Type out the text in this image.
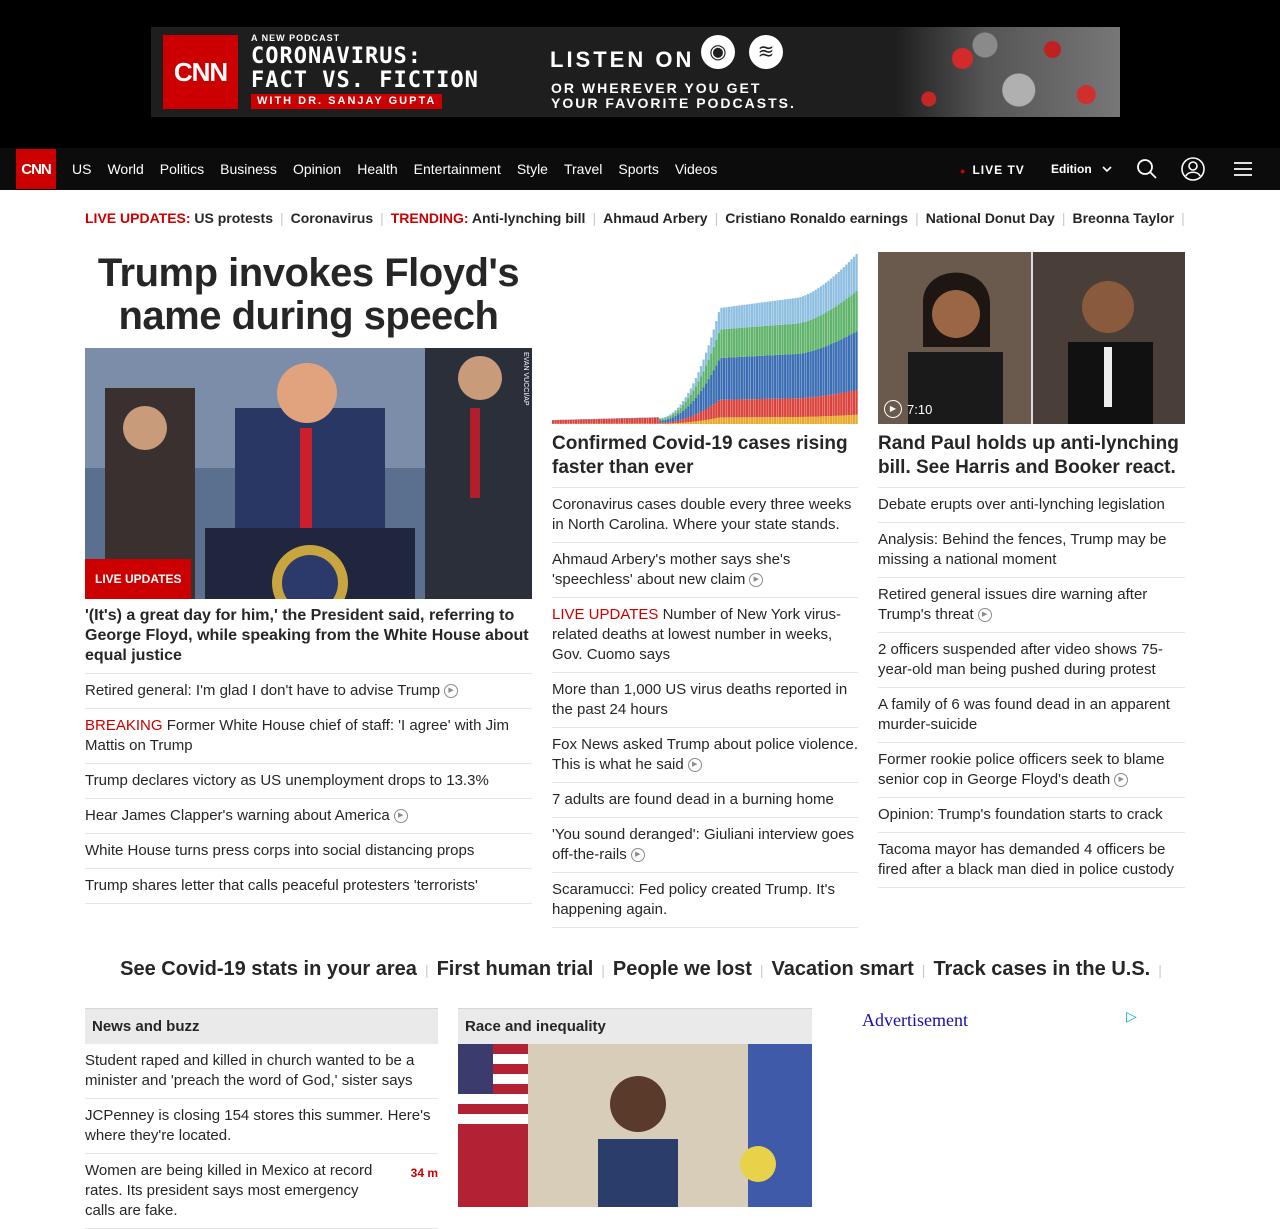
CNN
A NEW PODCAST
CORONAVIRUS:
FACT VS. FICTION
WITH DR. SANJAY GUPTA
LISTEN ON ◉	≋
OR WHEREVER YOU GET
YOUR FAVORITE PODCASTS.
CNN	US World Politics Business Opinion Health Entertainment Style Travel Sports Videos	● LIVE TV Edition
LIVE UPDATES: US protests | Coronavirus | TRENDING: Anti-lynching bill | Ahmaud Arbery | Cristiano Ronaldo earnings | National Donut Day | Breonna Taylor |
Trump invokes Floyd's name during speech
EVAN VUCCI/AP
LIVE UPDATES
'(It's) a great day for him,' the President said, referring to George Floyd, while speaking from the White House about equal justice
Retired general: I'm glad I don't have to advise Trump ▶
BREAKING Former White House chief of staff: 'I agree' with Jim Mattis on Trump
Trump declares victory as US unemployment drops to 13.3%
Hear James Clapper's warning about America ▶
White House turns press corps into social distancing props
Trump shares letter that calls peaceful protesters 'terrorists'
Confirmed Covid-19 cases rising faster than ever
Coronavirus cases double every three weeks in North Carolina. Where your state stands.
Ahmaud Arbery's mother says she's 'speechless' about new claim ▶
LIVE UPDATES Number of New York virus-related deaths at lowest number in weeks, Gov. Cuomo says
More than 1,000 US virus deaths reported in the past 24 hours
Fox News asked Trump about police violence. This is what he said ▶
7 adults are found dead in a burning home
'You sound deranged': Giuliani interview goes off-the-rails ▶
Scaramucci: Fed policy created Trump. It's happening again.
▶ 7:10
Rand Paul holds up anti-lynching bill. See Harris and Booker react.
Debate erupts over anti-lynching legislation
Analysis: Behind the fences, Trump may be missing a national moment
Retired general issues dire warning after Trump's threat ▶
2 officers suspended after video shows 75-year-old man being pushed during protest
A family of 6 was found dead in an apparent murder-suicide
Former rookie police officers seek to blame senior cop in George Floyd's death ▶
Opinion: Trump's foundation starts to crack
Tacoma mayor has demanded 4 officers be fired after a black man died in police custody
See Covid-19 stats in your area | First human trial | People we lost | Vacation smart | Track cases in the U.S. |
News and buzz
Student raped and killed in church wanted to be a minister and 'preach the word of God,' sister says
JCPenney is closing 154 stores this summer. Here's where they're located.
Women are being killed in Mexico at record rates. Its president says most emergency calls are fake.
34 m
Race and inequality	Advertisement	▷
